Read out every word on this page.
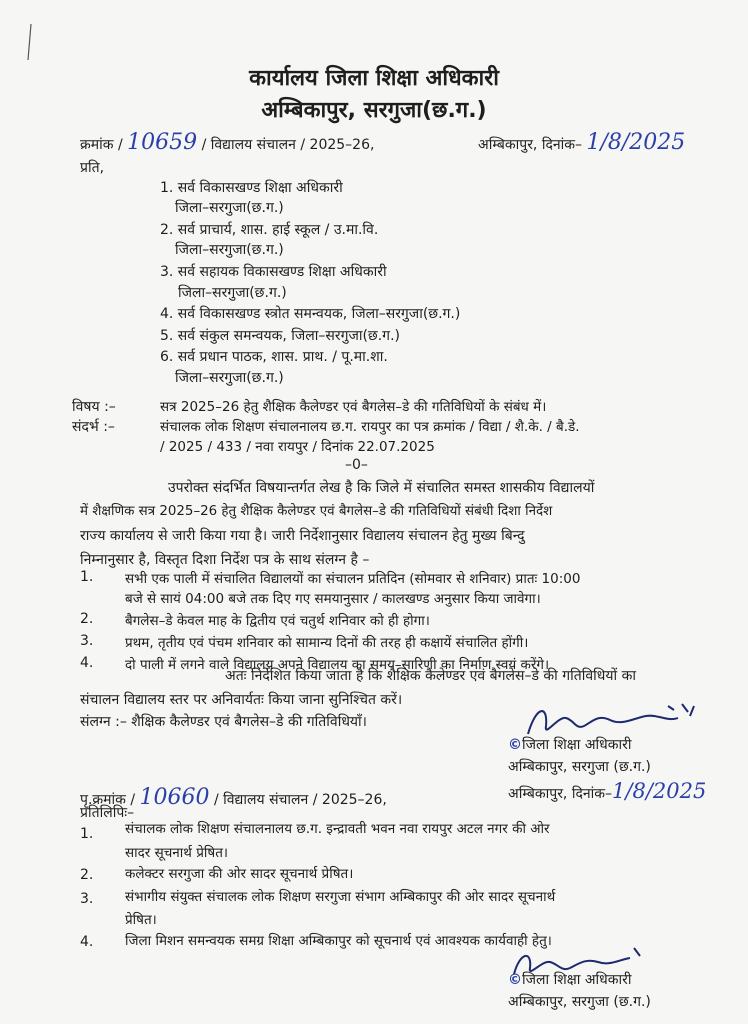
कार्यालय जिला शिक्षा अधिकारी
अम्बिकापुर, सरगुजा(छ.ग.)
क्रमांक / 10659 / विद्यालय संचालन / 2025–26,	अम्बिकापुर, दिनांक– 1/8/2025
प्रति,
1. सर्व विकासखण्ड शिक्षा अधिकारी
जिला–सरगुजा(छ.ग.)
2. सर्व प्राचार्य, शास. हाई स्कूल / उ.मा.वि.
जिला–सरगुजा(छ.ग.)
3. सर्व सहायक विकासखण्ड शिक्षा अधिकारी
जिला–सरगुजा(छ.ग.)
4. सर्व विकासखण्ड स्त्रोत समन्वयक, जिला–सरगुजा(छ.ग.)
5. सर्व संकुल समन्वयक, जिला–सरगुजा(छ.ग.)
6. सर्व प्रधान पाठक, शास. प्राथ. / पू.मा.शा.
जिला–सरगुजा(छ.ग.)
विषय :–	सत्र 2025–26 हेतु शैक्षिक कैलेण्डर एवं बैगलेस–डे की गतिविधियों के संबंध में।
संदर्भ :–	संचालक लोक शिक्षण संचालनालय छ.ग. रायपुर का पत्र क्रमांक / विद्या / शै.के. / बै.डे.
/ 2025 / 433 / नवा रायपुर / दिनांक 22.07.2025
–0–
उपरोक्त संदर्भित विषयान्तर्गत लेख है कि जिले में संचालित समस्त शासकीय विद्यालयों
में शैक्षणिक सत्र 2025–26 हेतु शैक्षिक कैलेण्डर एवं बैगलेस–डे की गतिविधियों संबंधी दिशा निर्देश
राज्य कार्यालय से जारी किया गया है। जारी निर्देशानुसार विद्यालय संचालन हेतु मुख्य बिन्दु
निम्नानुसार है, विस्तृत दिशा निर्देश पत्र के साथ संलग्न है –
1. सभी एक पाली में संचालित विद्यालयों का संचालन प्रतिदिन (सोमवार से शनिवार) प्रातः 10:00
बजे से सायं 04:00 बजे तक दिए गए समयानुसार / कालखण्ड अनुसार किया जावेगा।
2. बैगलेस–डे केवल माह के द्वितीय एवं चतुर्थ शनिवार को ही होगा।
3. प्रथम, तृतीय एवं पंचम शनिवार को सामान्य दिनों की तरह ही कक्षायें संचालित होंगी।
4. दो पाली में लगने वाले विद्यालय अपने विद्यालय का समय–सारिणी का निर्माण स्वयं करेंगे।
अतः निर्देशित किया जाता है कि शैक्षिक कैलेण्डर एवं बैगलेस–डे की गतिविधियों का
संचालन विद्यालय स्तर पर अनिवार्यतः किया जाना सुनिश्चित करें।
संलग्न :– शैक्षिक कैलेण्डर एवं बैगलेस–डे की गतिविधियॉं।
©जिला शिक्षा अधिकारी
अम्बिकापुर, सरगुजा (छ.ग.)
अम्बिकापुर, दिनांक–1/8/2025
पृ.क्रमांक / 10660 / विद्यालय संचालन / 2025–26,
प्रतिलिपिः–
1. संचालक लोक शिक्षण संचालनालय छ.ग. इन्द्रावती भवन नवा रायपुर अटल नगर की ओर
सादर सूचनार्थ प्रेषित।
2. कलेक्टर सरगुजा की ओर सादर सूचनार्थ प्रेषित।
3. संभागीय संयुक्त संचालक लोक शिक्षण सरगुजा संभाग अम्बिकापुर की ओर सादर सूचनार्थ
प्रेषित।
4. जिला मिशन समन्वयक समग्र शिक्षा अम्बिकापुर को सूचनार्थ एवं आवश्यक कार्यवाही हेतु।
©जिला शिक्षा अधिकारी
अम्बिकापुर, सरगुजा (छ.ग.)
